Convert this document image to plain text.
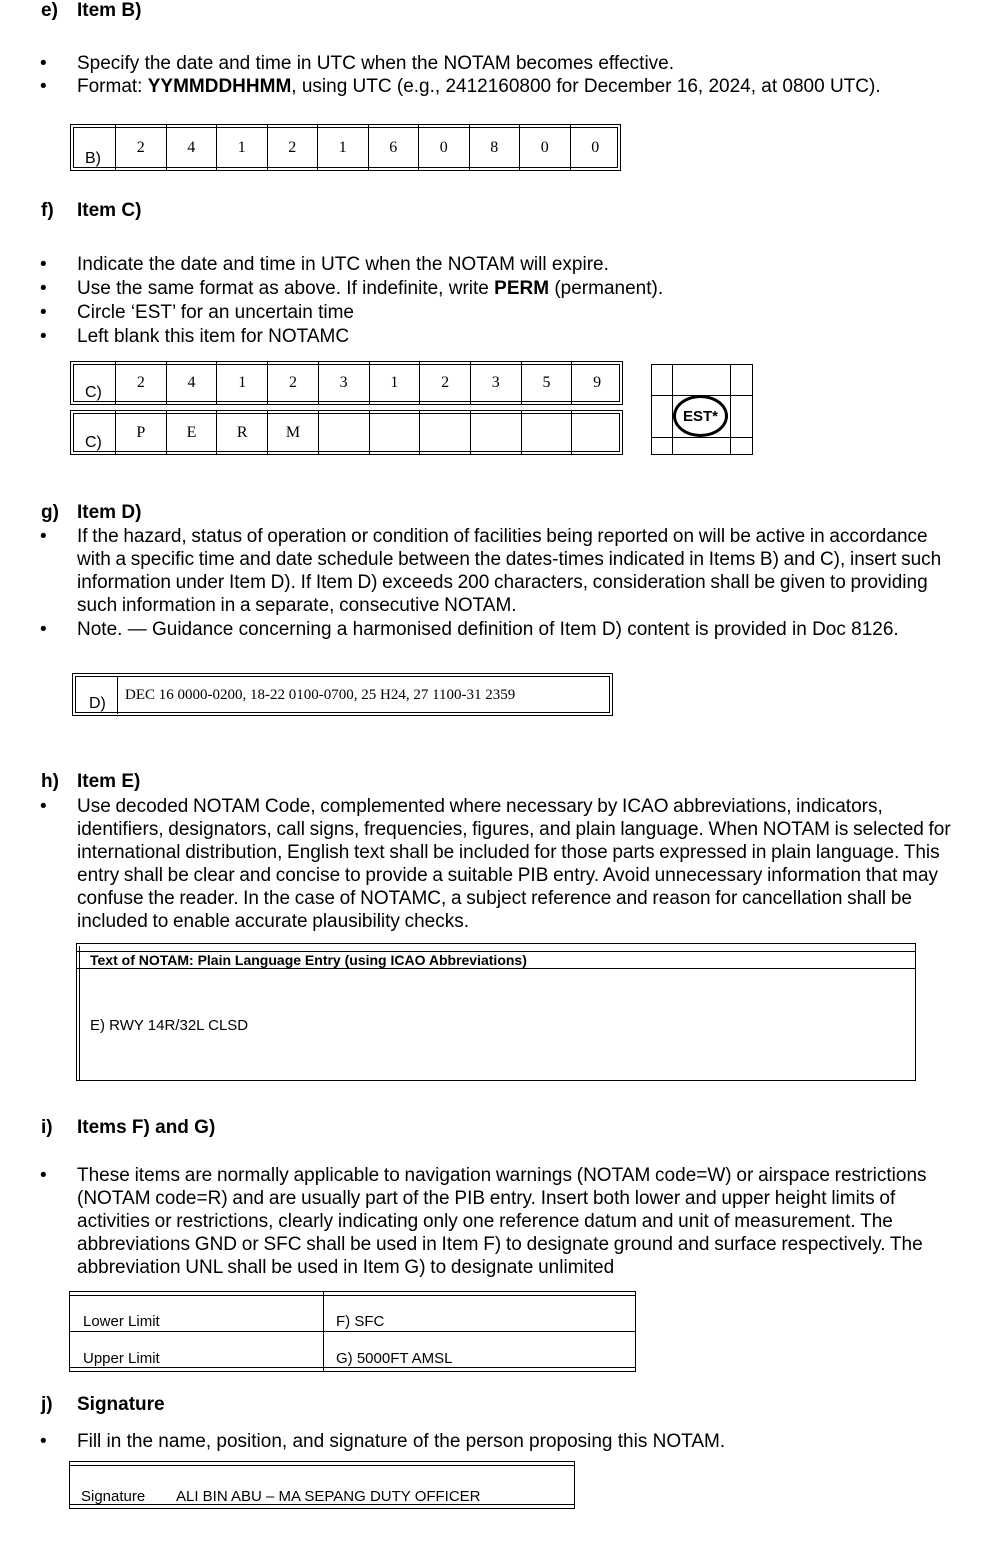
e) Item B)
• Specify the date and time in UTC when the NOTAM becomes effective.
• Format: YYMMDDHHMM, using UTC (e.g., 2412160800 for December 16, 2024, at 0800 UTC).
B)
2	4	1	2	1	6	0	8	0	0
f) Item C)
• Indicate the date and time in UTC when the NOTAM will expire.
• Use the same format as above. If indefinite, write PERM (permanent).
• Circle ‘EST’ for an uncertain time
• Left blank this item for NOTAMC
C)
2	4	1	2	3	1	2	3	5	9
C)
P	E	R	M
EST*
g) Item D)
• If the hazard, status of operation or condition of facilities being reported on will be active in accordance with a specific time and date schedule between the dates-times indicated in Items B) and C), insert such information under Item D). If Item D) exceeds 200 characters, consideration shall be given to providing such information in a separate, consecutive NOTAM.
• Note. — Guidance concerning a harmonised definition of Item D) content is provided in Doc 8126.
D) DEC 16 0000-0200, 18-22 0100-0700, 25 H24, 27 1100-31 2359
h) Item E)
• Use decoded NOTAM Code, complemented where necessary by ICAO abbreviations, indicators, identifiers, designators, call signs, frequencies, figures, and plain language. When NOTAM is selected for international distribution, English text shall be included for those parts expressed in plain language. This entry shall be clear and concise to provide a suitable PIB entry. Avoid unnecessary information that may confuse the reader. In the case of NOTAMC, a subject reference and reason for cancellation shall be included to enable accurate plausibility checks.
Text of NOTAM: Plain Language Entry (using ICAO Abbreviations)
E) RWY 14R/32L CLSD
i) Items F) and G)
• These items are normally applicable to navigation warnings (NOTAM code=W) or airspace restrictions (NOTAM code=R) and are usually part of the PIB entry. Insert both lower and upper height limits of activities or restrictions, clearly indicating only one reference datum and unit of measurement. The abbreviations GND or SFC shall be used in Item F) to designate ground and surface respectively. The abbreviation UNL shall be used in Item G) to designate unlimited
Lower Limit	F) SFC
Upper Limit	G) 5000FT AMSL
j) Signature
• Fill in the name, position, and signature of the person proposing this NOTAM.
Signature ALI BIN ABU – MA SEPANG DUTY OFFICER
